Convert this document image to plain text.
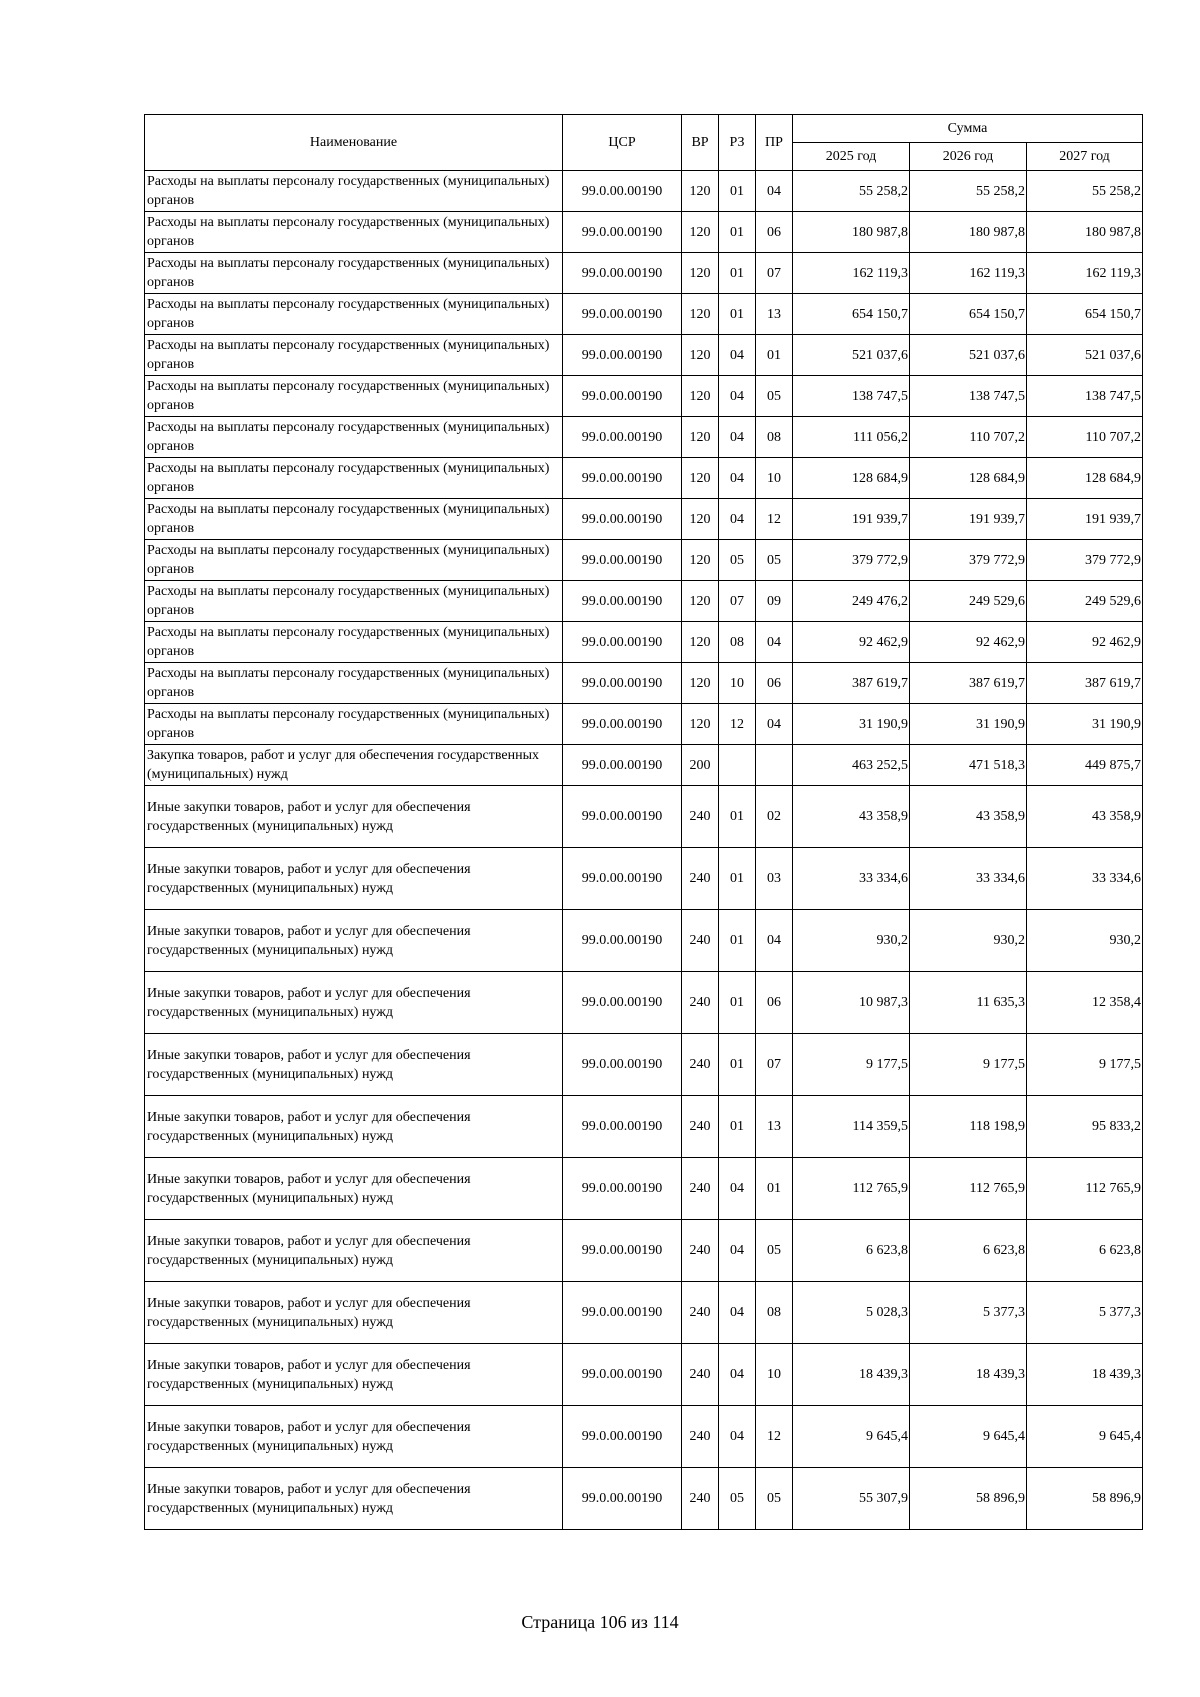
Наименование	ЦСР	ВР	РЗ	ПР	Сумма		
					2025 год	2026 год	2027 год
Расходы на выплаты персоналу государственных (муниципальных) органов	99.0.00.00190	120	01	04	55 258,2	55 258,2	55 258,2
Расходы на выплаты персоналу государственных (муниципальных) органов	99.0.00.00190	120	01	06	180 987,8	180 987,8	180 987,8
Расходы на выплаты персоналу государственных (муниципальных) органов	99.0.00.00190	120	01	07	162 119,3	162 119,3	162 119,3
Расходы на выплаты персоналу государственных (муниципальных) органов	99.0.00.00190	120	01	13	654 150,7	654 150,7	654 150,7
Расходы на выплаты персоналу государственных (муниципальных) органов	99.0.00.00190	120	04	01	521 037,6	521 037,6	521 037,6
Расходы на выплаты персоналу государственных (муниципальных) органов	99.0.00.00190	120	04	05	138 747,5	138 747,5	138 747,5
Расходы на выплаты персоналу государственных (муниципальных) органов	99.0.00.00190	120	04	08	111 056,2	110 707,2	110 707,2
Расходы на выплаты персоналу государственных (муниципальных) органов	99.0.00.00190	120	04	10	128 684,9	128 684,9	128 684,9
Расходы на выплаты персоналу государственных (муниципальных) органов	99.0.00.00190	120	04	12	191 939,7	191 939,7	191 939,7
Расходы на выплаты персоналу государственных (муниципальных) органов	99.0.00.00190	120	05	05	379 772,9	379 772,9	379 772,9
Расходы на выплаты персоналу государственных (муниципальных) органов	99.0.00.00190	120	07	09	249 476,2	249 529,6	249 529,6
Расходы на выплаты персоналу государственных (муниципальных) органов	99.0.00.00190	120	08	04	92 462,9	92 462,9	92 462,9
Расходы на выплаты персоналу государственных (муниципальных) органов	99.0.00.00190	120	10	06	387 619,7	387 619,7	387 619,7
Расходы на выплаты персоналу государственных (муниципальных) органов	99.0.00.00190	120	12	04	31 190,9	31 190,9	31 190,9
Закупка товаров, работ и услуг для обеспечения государственных (муниципальных) нужд	99.0.00.00190	200			463 252,5	471 518,3	449 875,7
Иные закупки товаров, работ и услуг для обеспечения государственных (муниципальных) нужд	99.0.00.00190	240	01	02	43 358,9	43 358,9	43 358,9
Иные закупки товаров, работ и услуг для обеспечения государственных (муниципальных) нужд	99.0.00.00190	240	01	03	33 334,6	33 334,6	33 334,6
Иные закупки товаров, работ и услуг для обеспечения государственных (муниципальных) нужд	99.0.00.00190	240	01	04	930,2	930,2	930,2
Иные закупки товаров, работ и услуг для обеспечения государственных (муниципальных) нужд	99.0.00.00190	240	01	06	10 987,3	11 635,3	12 358,4
Иные закупки товаров, работ и услуг для обеспечения государственных (муниципальных) нужд	99.0.00.00190	240	01	07	9 177,5	9 177,5	9 177,5
Иные закупки товаров, работ и услуг для обеспечения государственных (муниципальных) нужд	99.0.00.00190	240	01	13	114 359,5	118 198,9	95 833,2
Иные закупки товаров, работ и услуг для обеспечения государственных (муниципальных) нужд	99.0.00.00190	240	04	01	112 765,9	112 765,9	112 765,9
Иные закупки товаров, работ и услуг для обеспечения государственных (муниципальных) нужд	99.0.00.00190	240	04	05	6 623,8	6 623,8	6 623,8
Иные закупки товаров, работ и услуг для обеспечения государственных (муниципальных) нужд	99.0.00.00190	240	04	08	5 028,3	5 377,3	5 377,3
Иные закупки товаров, работ и услуг для обеспечения государственных (муниципальных) нужд	99.0.00.00190	240	04	10	18 439,3	18 439,3	18 439,3
Иные закупки товаров, работ и услуг для обеспечения государственных (муниципальных) нужд	99.0.00.00190	240	04	12	9 645,4	9 645,4	9 645,4
Иные закупки товаров, работ и услуг для обеспечения государственных (муниципальных) нужд	99.0.00.00190	240	05	05	55 307,9	58 896,9	58 896,9
Страница 106 из 114
